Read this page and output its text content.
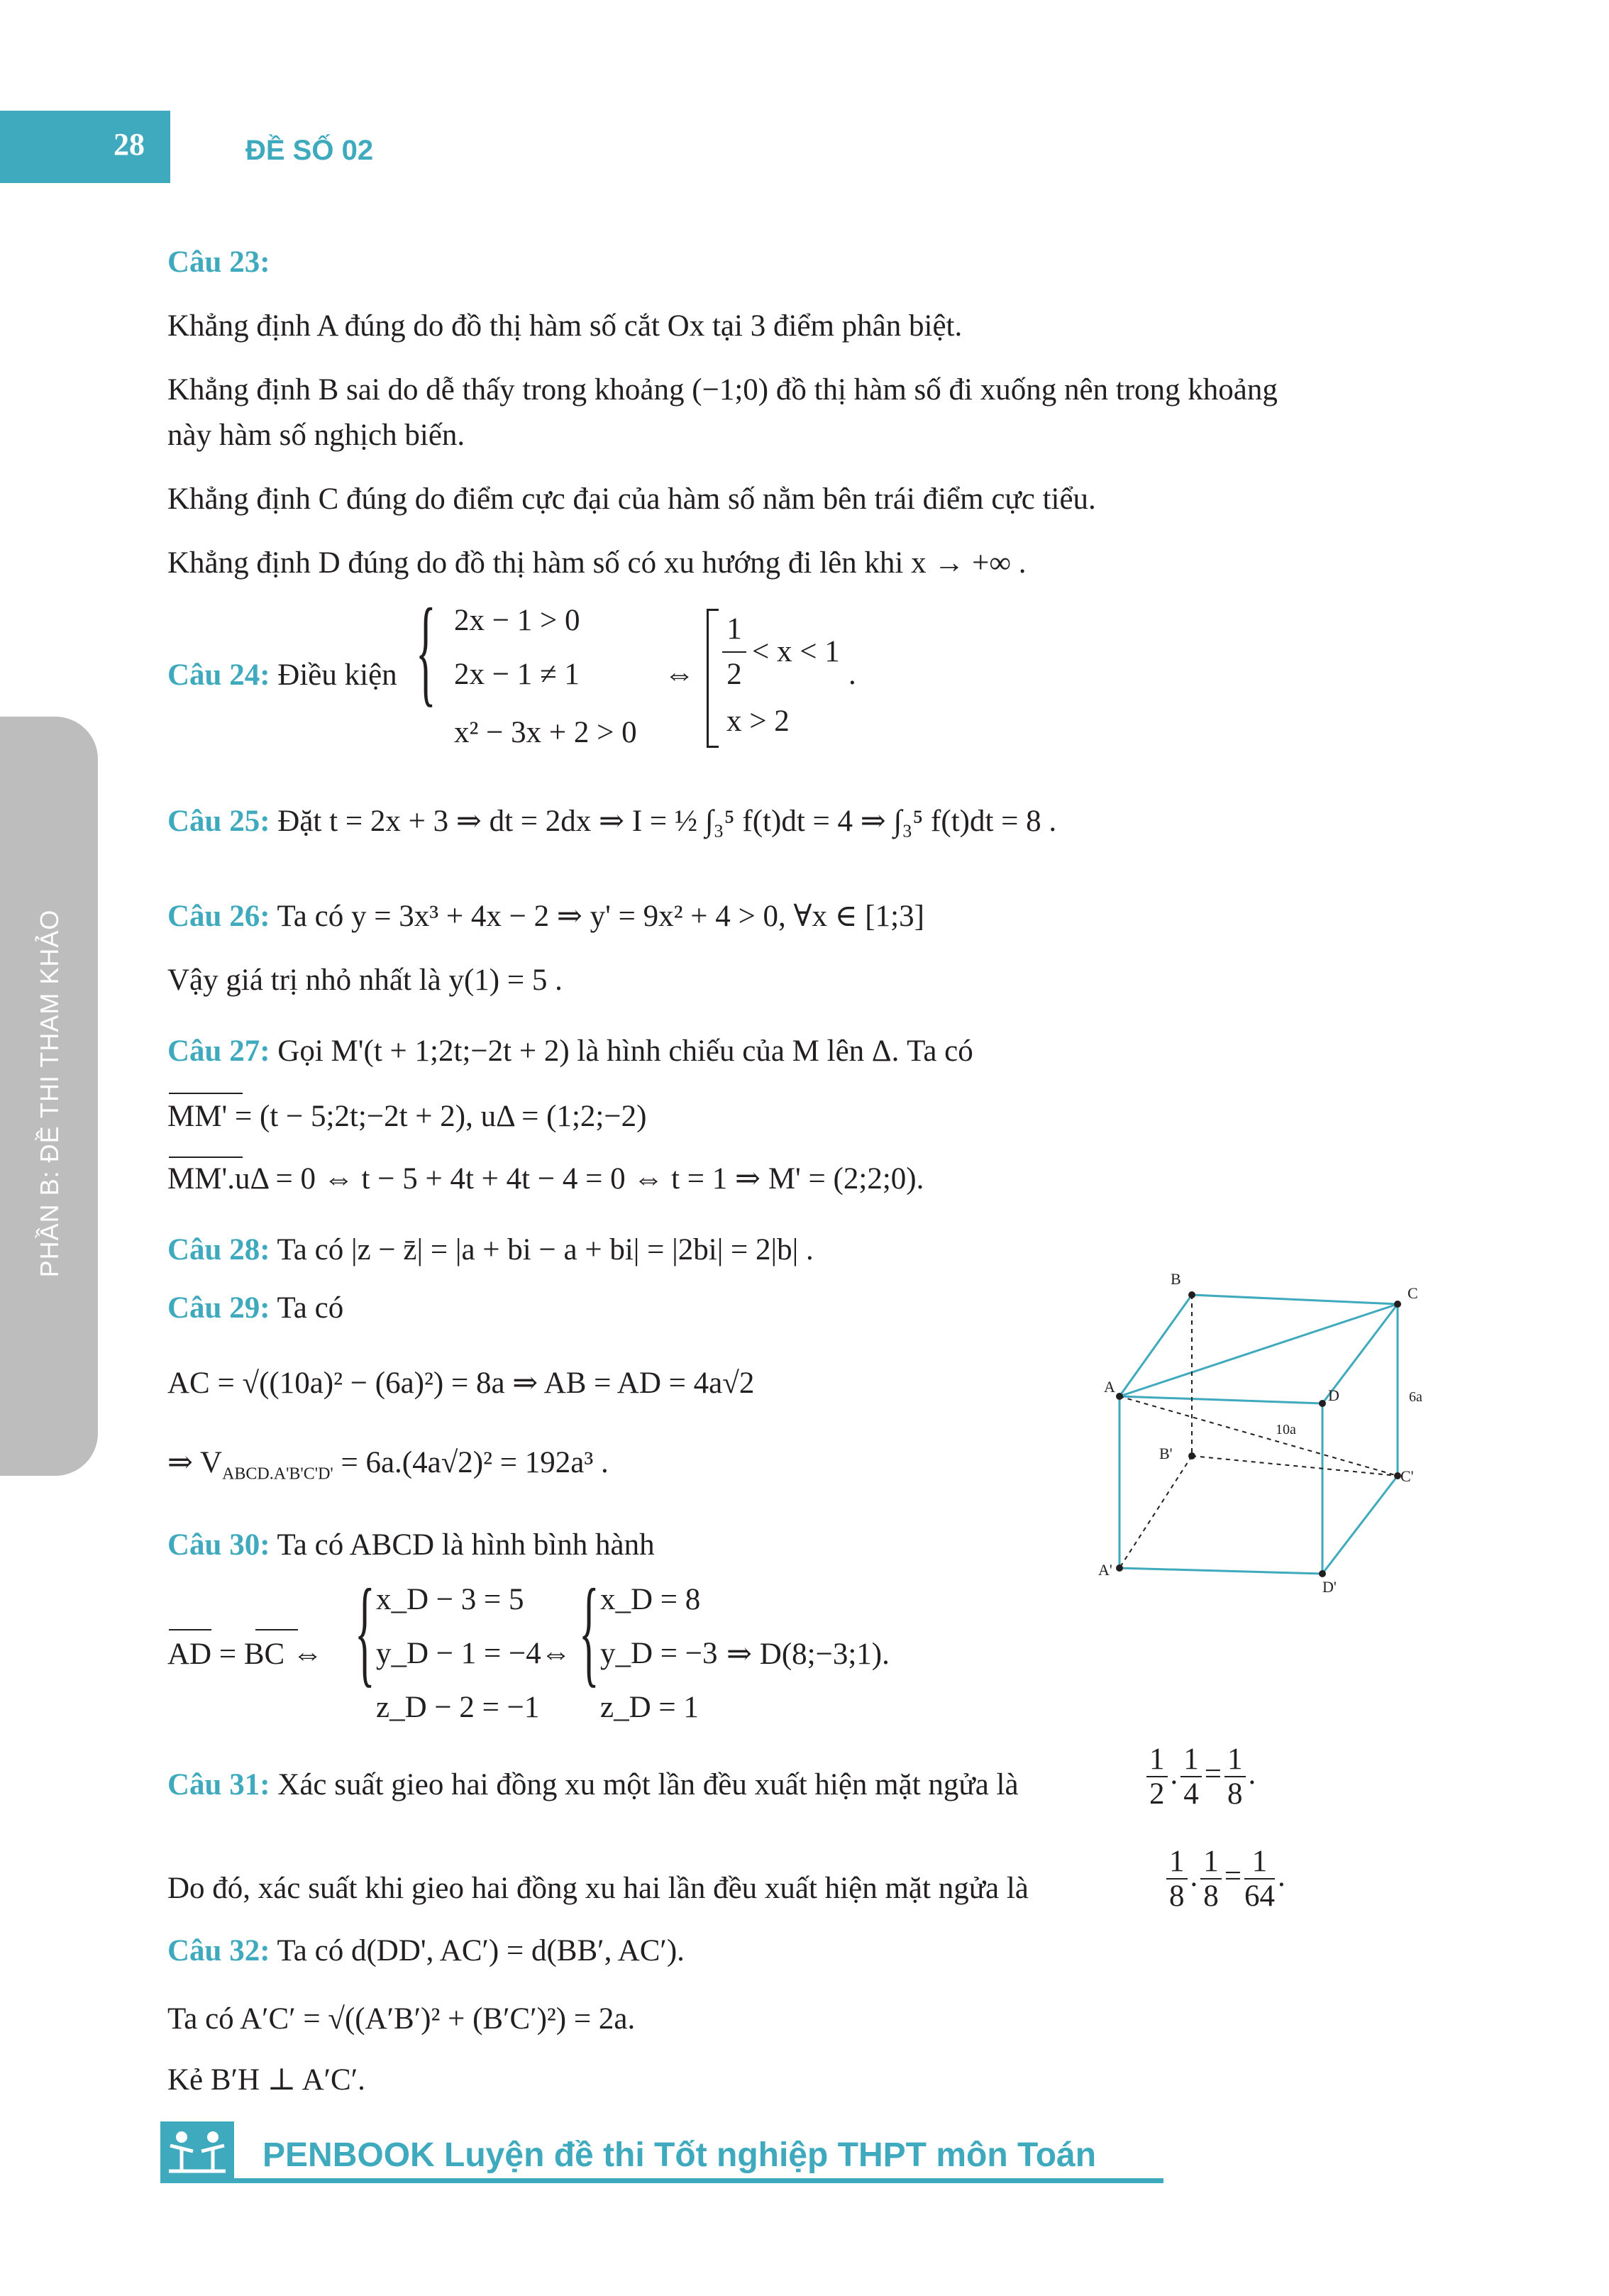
28	ĐỀ SỐ 02
PHẦN B: ĐỀ THI THAM KHẢO
Câu 23:
Khẳng định A đúng do đồ thị hàm số cắt Ox tại 3 điểm phân biệt.
Khẳng định B sai do dễ thấy trong khoảng (−1;0) đồ thị hàm số đi xuống nên trong khoảng
này hàm số nghịch biến.
Khẳng định C đúng do điểm cực đại của hàm số nằm bên trái điểm cực tiểu.
Khẳng định D đúng do đồ thị hàm số có xu hướng đi lên khi x → +∞ .
Câu 24: Điều kiện { 2x − 1 > 0
2x − 1 ≠ 1
x² − 3x + 2 > 0
⇔
1
2
< x < 1
x > 2
.
Câu 25: Đặt t = 2x + 3 ⇒ dt = 2dx ⇒ I = ½ ∫₃⁵ f(t)dt = 4 ⇒ ∫₃⁵ f(t)dt = 8 .
Câu 26: Ta có y = 3x³ + 4x − 2 ⇒ y' = 9x² + 4 > 0, ∀x ∈ [1;3]
Vậy giá trị nhỏ nhất là y(1) = 5 .
Câu 27: Gọi M'(t + 1;2t;−2t + 2) là hình chiếu của M lên Δ. Ta có
MM' = (t − 5;2t;−2t + 2), uΔ = (1;2;−2)
MM'.uΔ = 0 ⇔ t − 5 + 4t + 4t − 4 = 0 ⇔ t = 1 ⇒ M' = (2;2;0).
Câu 28: Ta có |z − z̄| = |a + bi − a + bi| = |2bi| = 2|b| .
Câu 29: Ta có
AC = √((10a)² − (6a)²) = 8a ⇒ AB = AD = 4a√2
⇒ $V_{ABCD.A'B'C'D'} = 6a.(4a√2)^2 = 192a^3$ .
B
C
A	D
B'
C'
A'
D'
10a
6a
Câu 30: Ta có ABCD là hình bình hành
AD = BC ⇔ { x_D − 3 = 5
y_D − 1 = −4
z_D − 2 = −1
⇔ { x_D = 8
y_D = −3
z_D = 1
⇒ D(8;−3;1).
Câu 31: Xác suất gieo hai đồng xu một lần đều xuất hiện mặt ngửa là	$\frac{1}{2}$ . $\frac{1}{4} = \frac{1}{8}$ .
Do đó, xác suất khi gieo hai đồng xu hai lần đều xuất hiện mặt ngửa là	$\frac{1}{8}$ . $\frac{1}{8} = \frac{1}{64}$ .
Câu 32: Ta có d(DD', AC′) = d(BB′, AC′).
Ta có A′C′ = √((A′B′)² + (B′C′)²) = 2a.
Kẻ B′H ⊥ A′C′.
PENBOOK Luyện đề thi Tốt nghiệp THPT môn Toán
